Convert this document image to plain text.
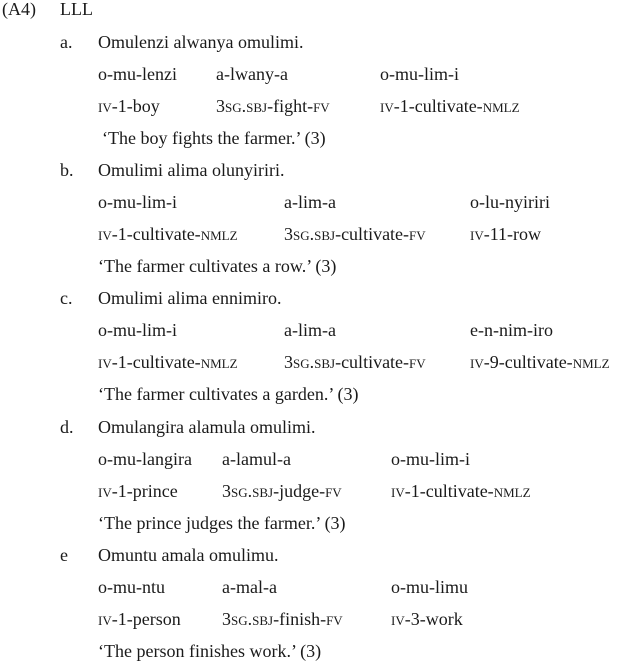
(A4) LLL
a. Omulenzi alwanya omulimi.
o-mu-lenzi a-lwany-a	o-mu-lim-i
iv-1-boy	3sg.sbj-fight-fv	iv-1-cultivate-nmlz
‘The boy fights the farmer.’ (3)
b. Omulimi alima olunyiriri.
o-mu-lim-i	a-lim-a	o-lu-nyiriri
iv-1-cultivate-nmlz	3sg.sbj-cultivate-fv iv-11-row
‘The farmer cultivates a row.’ (3)
c. Omulimi alima ennimiro.
o-mu-lim-i	a-lim-a	e-n-nim-iro
iv-1-cultivate-nmlz	3sg.sbj-cultivate-fv iv-9-cultivate-nmlz
‘The farmer cultivates a garden.’ (3)
d. Omulangira alamula omulimi.
o-mu-langira a-lamul-a	o-mu-lim-i
iv-1-prince 3sg.sbj-judge-fv	iv-1-cultivate-nmlz
‘The prince judges the farmer.’ (3)
e Omuntu amala omulimu.
o-mu-ntu	a-mal-a	o-mu-limu
iv-1-person 3sg.sbj-finish-fv	iv-3-work
‘The person finishes work.’ (3)
